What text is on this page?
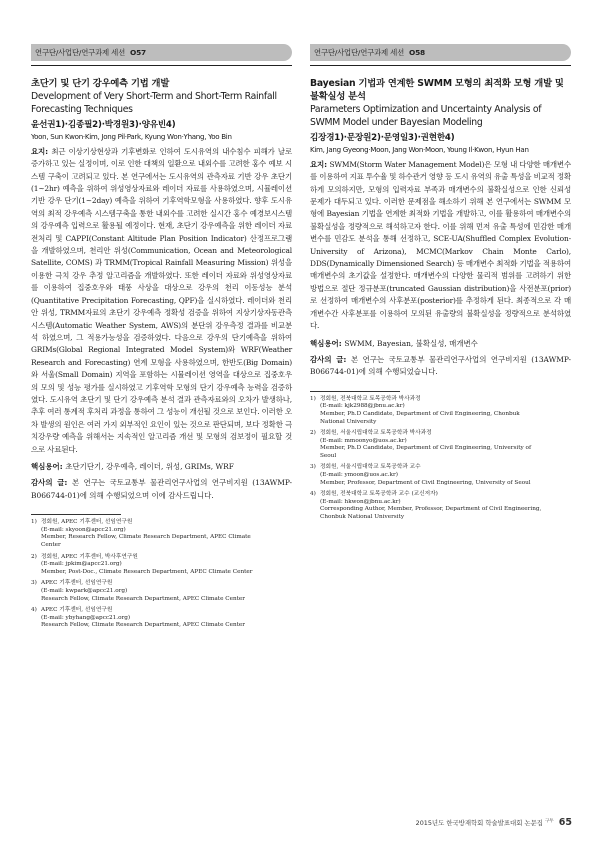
연구단/사업단/연구과제 세션 O57
초단기 및 단기 강우예측 기법 개발
Development of Very Short-Term and Short-Term Rainfall Forecasting Techniques
윤선권1)·김종필2)·박경원3)·양유빈4)
Yoon, Sun Kwon·Kim, Jong Pil·Park, Kyung Won·Yhang, Yoo Bin
요지: 최근 이상기상현상과 기후변화로 인하여 도시유역의 내수침수 피해가 날로 증가하고 있는 실정이며, 이로 인한 대책의 일환으로 내외수를 고려한 홍수 예보 시스템 구축이 고려되고 있다. 본 연구에서는 도시유역의 관측자료 기반 강우 초단기(1~2hr) 예측을 위하여 위성영상자료와 레이더 자료를 사용하였으며, 시뮬레이션 기반 강우 단기(1~2day) 예측을 위하여 기후역학모형을 사용하였다. 향후 도시유역의 최적 강우예측 시스템구축을 통한 내외수를 고려한 실시간 홍수 예경보시스템의 강우예측 입력으로 활용될 예정이다. 현재, 초단기 강우예측을 위한 레이더 자료 전처리 및 CAPPI(Constant Altitude Plan Position Indicator) 산정프로그램을 개발하였으며, 천리안 위성(Communication, Ocean and Meteorological Satellite, COMS) 과 TRMM(Tropical Rainfall Measuring Mission) 위성을 이용한 극치 강우 추정 알고리즘을 개발하였다. 또한 레이더 자료와 위성영상자료를 이용하여 집중호우와 태풍 사상을 대상으로 강우의 천리 이동성능 분석(Quantitative Precipitation Forecasting, QPF)을 실시하였다. 레이더와 천리안 위성, TRMM자료의 초단기 강우예측 정확성 검증을 위하여 지상기상자동관측시스템(Automatic Weather System, AWS)의 분단위 강우측정 결과를 비교분석 하였으며, 그 적용가능성을 검증하였다. 다음으로 강우의 단기예측을 위하여 GRIMs(Global Regional Integrated Model System)와 WRF(Weather Research and Forecasting) 연계 모형을 사용하였으며, 한반도(Big Domain)와 서울(Small Domain) 지역을 포함하는 시뮬레이션 영역을 대상으로 집중호우의 모의 및 성능 평가를 실시하였고 기후역학 모형의 단기 강우예측 능력을 검증하였다. 도시유역 초단기 및 단기 강우예측 분석 결과 관측자료와의 오차가 발생하나, 추후 여러 통계적 후처리 과정을 통하여 그 성능이 개선될 것으로 보인다. 이러한 오차 발생의 원인은 여러 가지 외부적인 요인이 있는 것으로 판단되며, 보다 정확한 극치강우량 예측을 위해서는 지속적인 알고리즘 개선 및 모형의 검보정이 필요할 것으로 사료된다.
핵심용어: 초단기단기, 강우예측, 레이더, 위성, GRIMs, WRF
감사의 글: 본 연구는 국토교통부 물관리연구사업의 연구비지원 (13AWMP-B066744-01)에 의해 수행되었으며 이에 감사드립니다.
1) 정회원, APEC 기후센터, 선임연구원
(E-mail: skyoon@apcc21.org)
Member, Research Fellow, Climate Research Department, APEC Climate
Center
2) 정회원, APEC 기후센터, 박사후연구원
(E-mail: jpkim@apcc21.org)
Member, Post-Doc., Climate Research Department, APEC Climate Center
3) APEC 기후센터, 선임연구원
(E-mail: kwpark@apcc21.org)
Research Fellow, Climate Research Department, APEC Climate Center
4) APEC 기후센터, 선임연구원
(E-mail: ybyhang@apcc21.org)
Research Fellow, Climate Research Department, APEC Climate Center
연구단/사업단/연구과제 세션 O58
Bayesian 기법과 연계한 SWMM 모형의 최적화 모형 개발 및 불확실성 분석
Parameters Optimization and Uncertainty Analysis of SWMM Model under Bayesian Modeling
김장경1)·문장원2)·문영일3)·권현한4)
Kim, Jang Gyeong·Moon, Jang Won·Moon, Young Il·Kwon, Hyun Han
요지: SWMM(Storm Water Management Model)은 모형 내 다양한 매개변수를 이용하여 지표 투수율 및 하수관거 영향 등 도시 유역의 유출 특성을 비교적 정확하게 모의하지만, 모형의 입력자료 부족과 매개변수의 불확실성으로 인한 신뢰성 문제가 대두되고 있다. 이러한 문제점을 해소하기 위해 본 연구에서는 SWMM 모형에 Bayesian 기법을 연계한 최적화 기법을 개발하고, 이를 활용하여 매개변수의 불확실성을 정량적으로 해석하고자 한다. 이를 위해 먼저 유출 특성에 민감한 매개변수를 민감도 분석을 통해 선정하고, SCE-UA(Shuffled Complex Evolution-University of Arizona), MCMC(Markov Chain Monte Carlo), DDS(Dynamically Dimensioned Search) 등 매개변수 최적화 기법을 적용하여 매개변수의 초기값을 설정한다. 매개변수의 다양한 물리적 범위를 고려하기 위한 방법으로 절단 정규분포(truncated Gaussian distribution)을 사전분포(prior)로 선정하여 매개변수의 사후분포(posterior)를 추정하게 된다. 최종적으로 각 매개변수간 사후분포를 이용하여 모의된 유출량의 불확실성을 정량적으로 분석하였다.
핵심용어: SWMM, Bayesian, 불확실성, 매개변수
감사의 글: 본 연구는 국토교통부 물관리연구사업의 연구비지원 (13AWMP-B066744-01)에 의해 수행되었습니다.
1) 정회원, 전북대학교 토목공학과 박사과정
(E-mail: kjk2988@jbnu.ac.kr)
Member, Ph.D Candidate, Department of Civil Engineering, Chonbuk
National University
2) 정회원, 서울시립대학교 토목공학과 박사과정
(E-mail: mmoonyo@uos.ac.kr)
Member, Ph.D Candidate, Department of Civil Engineering, University of
Seoul
3) 정회원, 서울시립대학교 토목공학과 교수
(E-mail: ymoon@uos.ac.kr)
Member, Professor, Department of Civil Engineering, University of Seoul
4) 정회원, 전북대학교 토목공학과 교수 (교신저자)
(E-mail: hkwon@jbnu.ac.kr)
Corresponding Author, Member, Professor, Department of Civil Engineering,
Chonbuk National University
2015년도 한국방재학회 학술발표대회 논문집 $^{구두}$ 65
